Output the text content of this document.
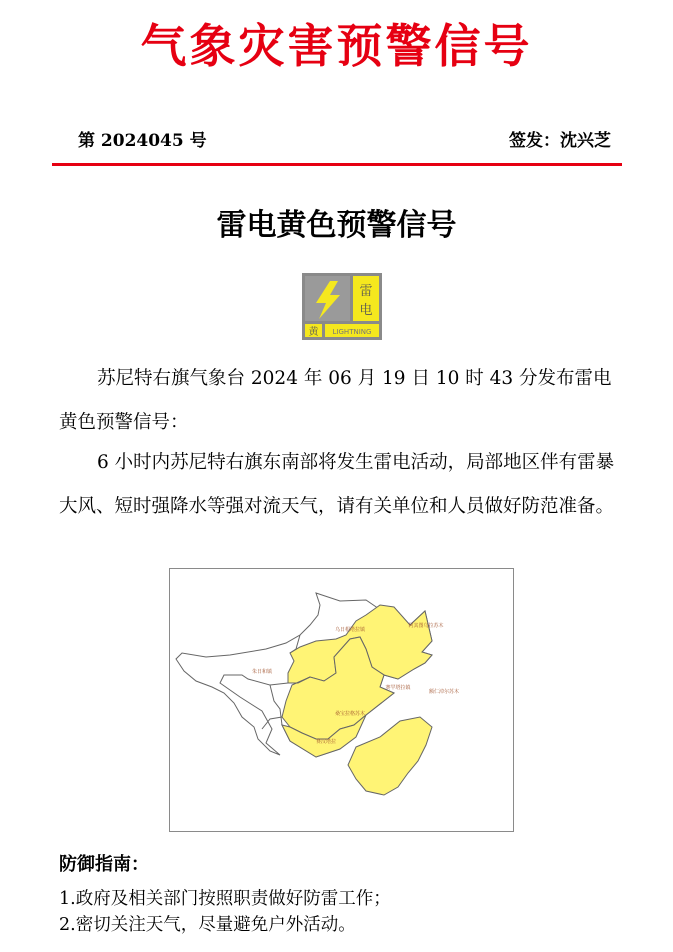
气象灾害预警信号
第 2024045 号	签发：沈兴芝
雷电黄色预警信号
雷
电
黄 LIGHTNING
苏尼特右旗气象台 2024 年 06 月 19 日 10 时 43 分发布雷电黄色预警信号：
6 小时内苏尼特右旗东南部将发生雷电活动，局部地区伴有雷暴大风、短时强降水等强对流天气，请有关单位和人员做好防范准备。
乌日根塔拉镇
阿其图乌拉苏木
额仁淖尔苏木
朱日和镇
赛罕塔拉镇
桑宝拉格苏木
赛汉塔拉
防御指南：
1.政府及相关部门按照职责做好防雷工作；
2.密切关注天气，尽量避免户外活动。
